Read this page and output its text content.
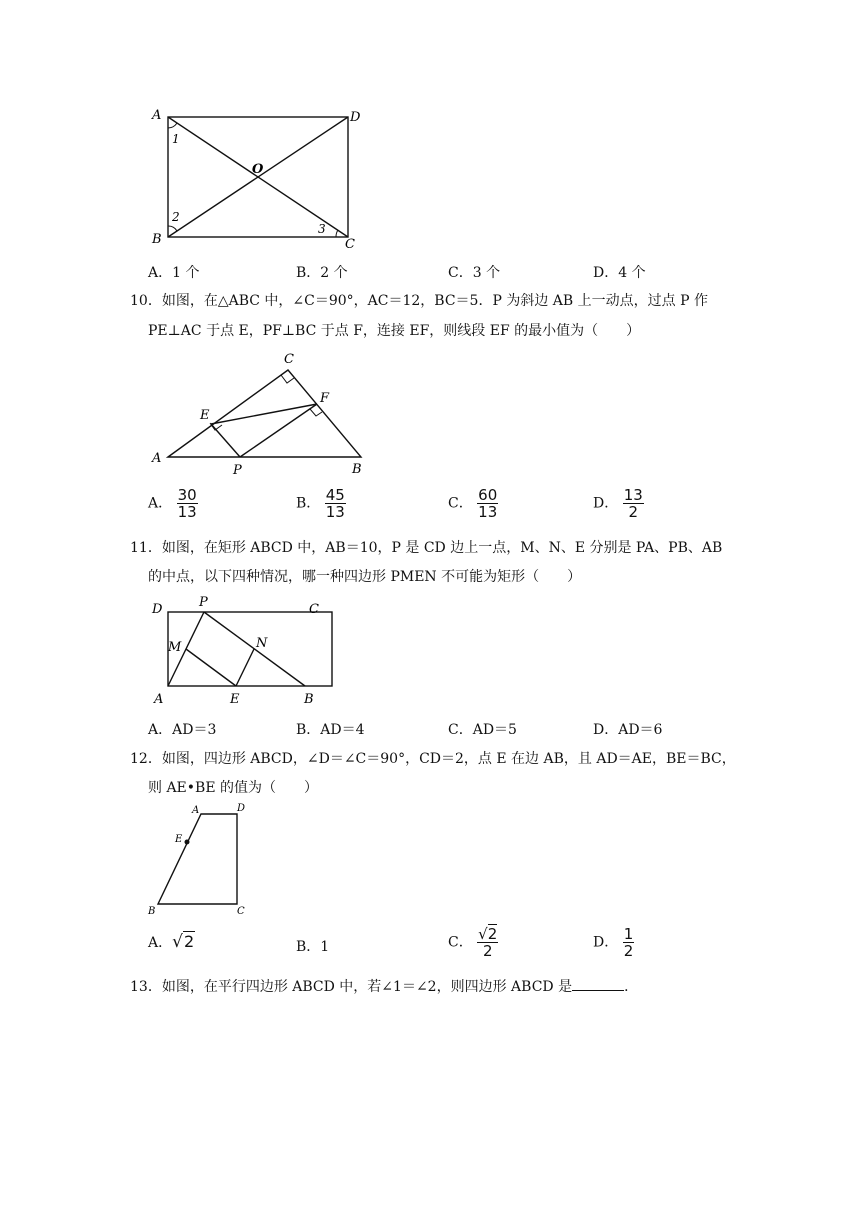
A	D
B	C
O
1
2
3
A．1 个	B．2 个	C．3 个	D．4 个
10．如图，在△ABC 中，∠C＝90°，AC＝12，BC＝5．P 为斜边 AB 上一动点，过点 P 作
PE⊥AC 于点 E，PF⊥BC 于点 F，连接 EF，则线段 EF 的最小值为（　　）
C
A
B
E
F
P
A． $\frac{30}{13}$	B． $\frac{45}{13}$	C． $\frac{60}{13}$	D． $\frac{13}{2}$
11．如图，在矩形 ABCD 中，AB＝10，P 是 CD 边上一点，M、N、E 分别是 PA、PB、AB
的中点，以下四种情况，哪一种四边形 PMEN 不可能为矩形（　　）
D	P	C
M	N
A	E	B
A．AD＝3	B．AD＝4	C．AD＝5	D．AD＝6
12．如图，四边形 ABCD，∠D＝∠C＝90°，CD＝2，点 E 在边 AB，且 AD＝AE，BE＝BC，
则 AE•BE 的值为（　　）
A	D
E
B	C
A．√2	B．1	C． $\frac{√2}{2}$	D． $\frac{1}{2}$
13．如图，在平行四边形 ABCD 中，若∠1＝∠2，则四边形 ABCD 是	．
